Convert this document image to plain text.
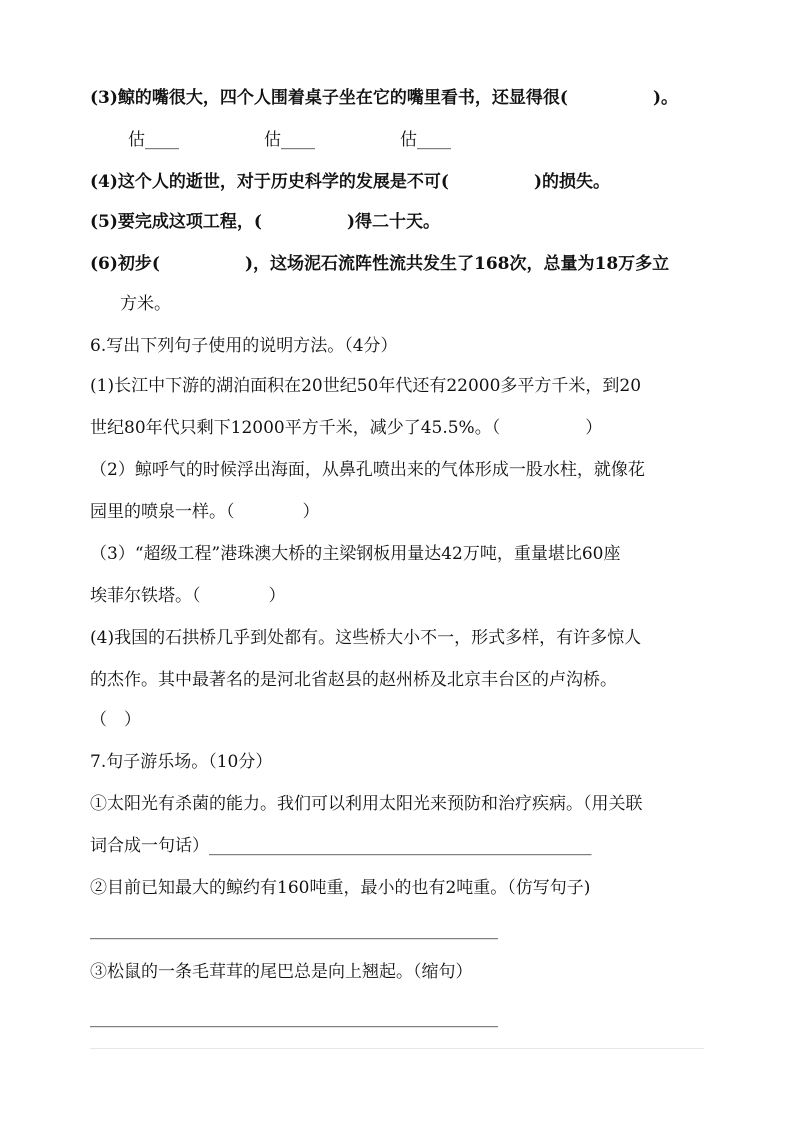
(3)鲸的嘴很大，四个人围着桌子坐在它的嘴里看书，还显得很(　　　　　)。
估____　　　　　估____　　　　　估____
(4)这个人的逝世，对于历史科学的发展是不可(　　　　　)的损失。
(5)要完成这项工程，(　　　　　)得二十天。
(6)初步(　　　　　)，这场泥石流阵性流共发生了168次，总量为18万多立
方米。
6.写出下列句子使用的说明方法。（4分）
(1)长江中下游的湖泊面积在20世纪50年代还有22000多平方千米，到20
世纪80年代只剩下12000平方千米，减少了45.5%。（　　　　　）
（2）鲸呼气的时候浮出海面，从鼻孔喷出来的气体形成一股水柱，就像花
园里的喷泉一样。（　　　　）
（3）“超级工程”港珠澳大桥的主梁钢板用量达42万吨，重量堪比60座
埃菲尔铁塔。（　　　　）
(4)我国的石拱桥几乎到处都有。这些桥大小不一，形式多样，有许多惊人
的杰作。其中最著名的是河北省赵县的赵州桥及北京丰台区的卢沟桥。
（　）
7.句子游乐场。（10分）
①太阳光有杀菌的能力。我们可以利用太阳光来预防和治疗疾病。（用关联
词合成一句话）_____________________________________________
②目前已知最大的鲸约有160吨重，最小的也有2吨重。（仿写句子)
________________________________________________
③松鼠的一条毛茸茸的尾巴总是向上翘起。（缩句）
________________________________________________
